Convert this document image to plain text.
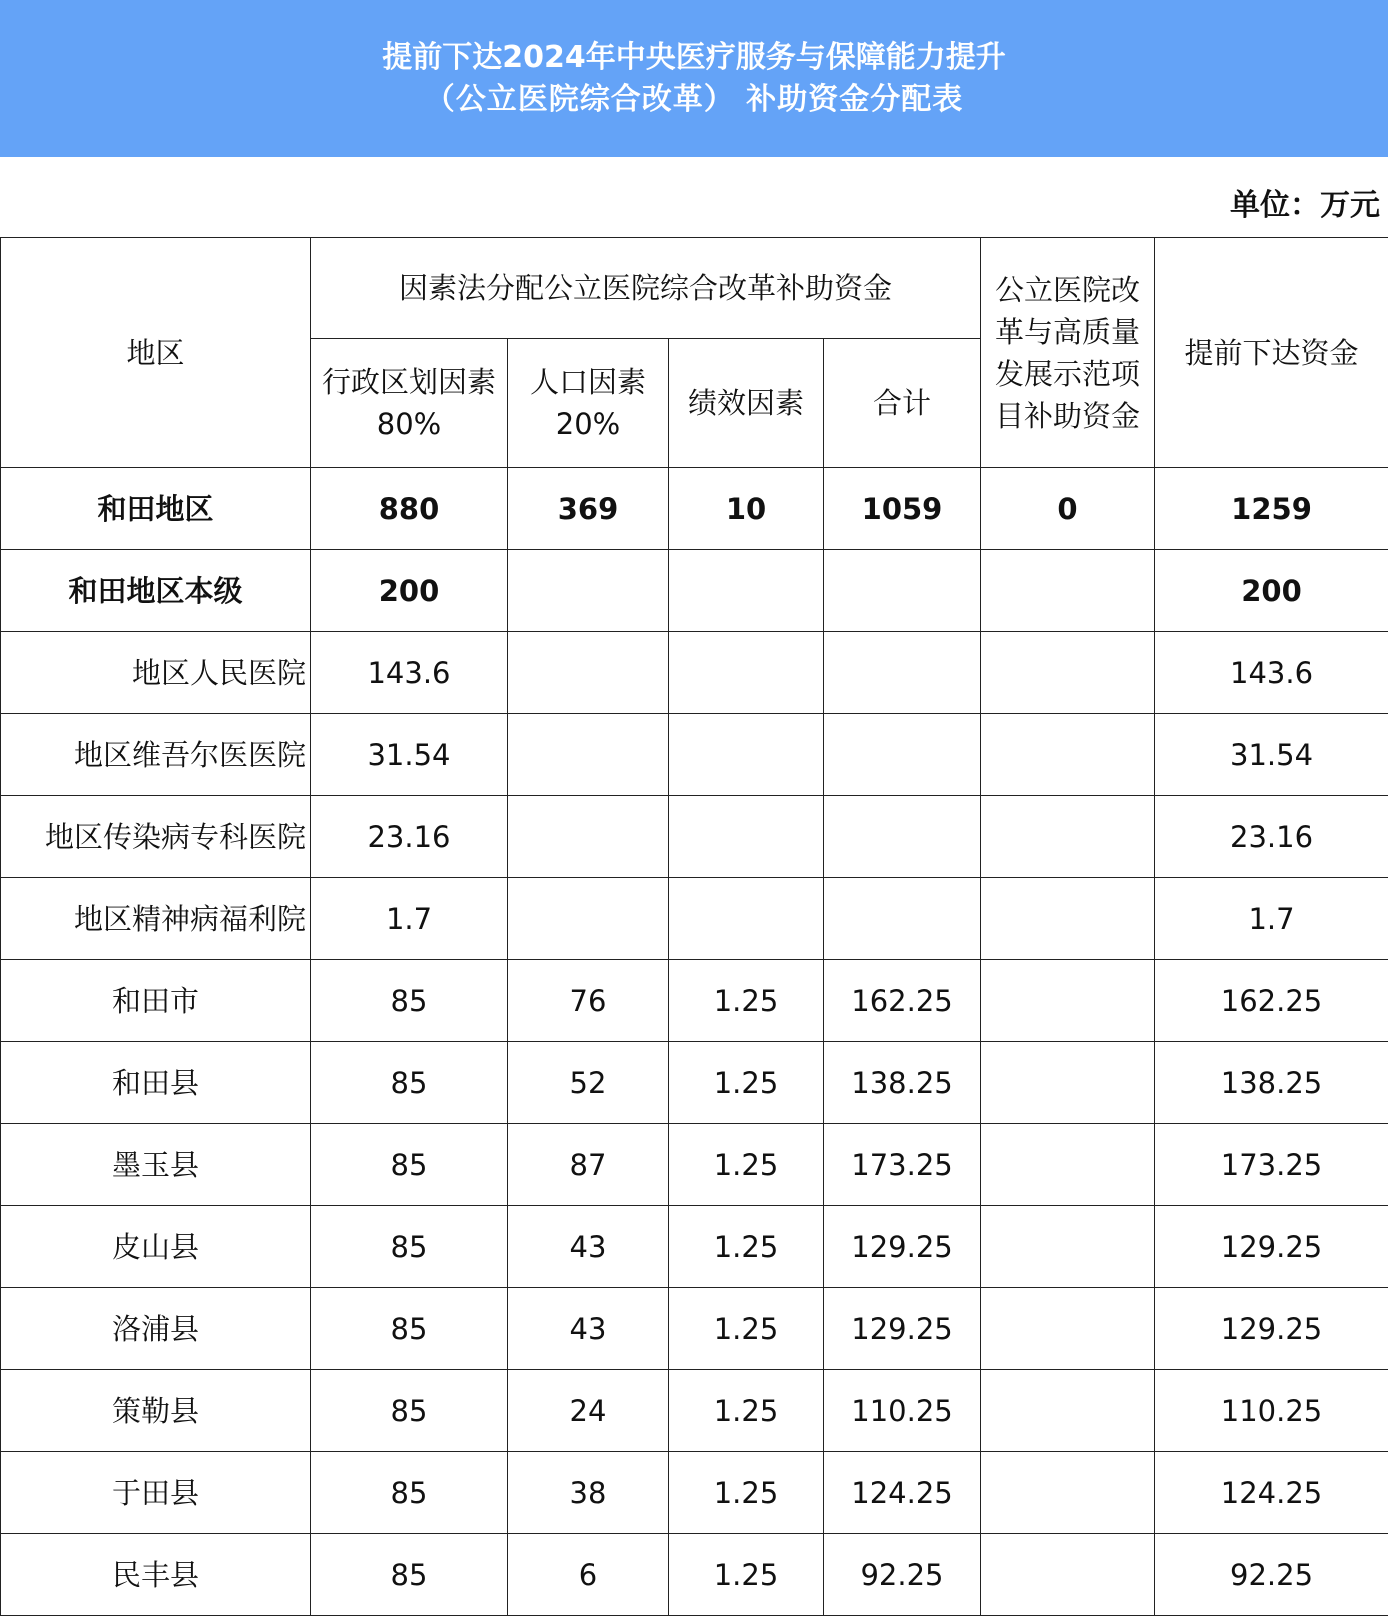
提前下达2024年中央医疗服务与保障能力提升
（公立医院综合改革） 补助资金分配表
单位：万元
地区	因素法分配公立医院综合改革补助资金				公立医院改革与高质量发展示范项目补助资金	提前下达资金
	行政区划因素80%	人口因素20%	绩效因素	合计		
和田地区	880	369	10	1059	0	1259
和田地区本级	200					200
地区人民医院	143.6					143.6
地区维吾尔医医院	31.54					31.54
地区传染病专科医院	23.16					23.16
地区精神病福利院	1.7					1.7
和田市	85	76	1.25	162.25		162.25
和田县	85	52	1.25	138.25		138.25
墨玉县	85	87	1.25	173.25		173.25
皮山县	85	43	1.25	129.25		129.25
洛浦县	85	43	1.25	129.25		129.25
策勒县	85	24	1.25	110.25		110.25
于田县	85	38	1.25	124.25		124.25
民丰县	85	6	1.25	92.25		92.25
